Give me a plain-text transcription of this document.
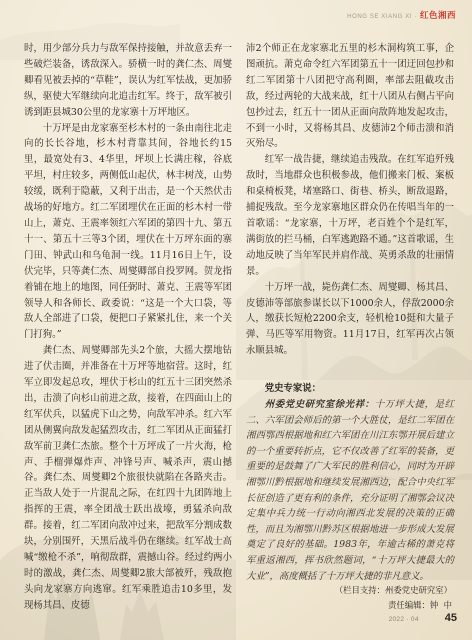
HONG SE XIANG XI · 红色湘西

时，用少部分兵力与敌军保持接触，并故意丢弃一些破烂装备，诱敌深入。骄横一时的龚仁杰、周燮卿看见被丢掉的“草鞋”，误认为红军怯战，更加骄纵，驱使大军继续向北追击红军。终于，敌军被引诱到距县城30公里的龙家寨十万坪地区。

十万坪是由龙家寨至杉木村的一条由南往北走向的长长谷地，杉木村背靠其间，谷地长约15里，最宽处有3、4华里，坪坝上长满庄稼，谷底平坦，村庄较多，两侧低山起伏，林丰树茂，山势较缓，既利于隐蔽，又利于出击，是一个天然伏击战场的好地方。红二军团埋伏在正面的杉木村一带山上，萧克、王震率领红六军团的第四十九、第五十一、第五十三等3个团，埋伏在十万坪东面的寨门田、钟武山和乌龟洞一线。11月16日上午，设伏完毕，只等龚仁杰、周燮卿部自投罗网。贺龙指着铺在地上的地图，同任弼时、萧克、王震等军团领导人和各师长、政委说：“这是一个大口袋，等敌人全部进了口袋，便把口子紧紧扎住，来一个关门打狗。”

龚仁杰、周燮卿部先头2个旅，大摇大摆地钻进了伏击圈，并准备在十万坪等地宿营。这时，红军立即发起总攻，埋伏于杉山的红五十三团突然杀出，击溃了向杉山前进之敌，接着，在四面山上的红军伏兵，以猛虎下山之势，向敌军冲杀。红六军团从侧翼向敌发起猛烈攻击，红二军团从正面猛打敌军前卫龚仁杰旅。整个十万坪成了一片火海，枪声、手榴弹爆炸声、冲锋号声、喊杀声，震山撼谷。龚仁杰、周燮卿2个旅很快就陷在各路夹击。正当敌人处于一片混乱之际，在红四十九团阵地上指挥的王震，率全团战士跃出战壕，勇猛杀向敌群。接着，红二军团向敌冲过来，把敌军分割成数块，分别围歼，天黑后战斗仍在继续。红军战士高喊“缴枪不杀”，响彻敌群，震撼山谷。经过约两小时的激战，龚仁杰、周燮卿2旅大部被歼，残敌抱头向龙家寨方向逃窜。红军乘胜追击10多里，发现杨其昌、皮德

沛2个师正在龙家寨北五里的杉木洞构筑工事，企图顽抗。萧克命令红六军团第五十一团迂回包抄和红二军团第十八团把守高利圈，率部去阻截攻击敌，经过两轮的大战来战，红十八团从右侧占平向包抄过去，红五十一团从正面向敌阵地发起攻击，不到一小时，又将杨其昌、皮德沛2个师击溃和消灭殆尽。

红军一战告捷，继续追击残敌。在红军追歼残敌时，当地群众也积极参战，他们搬来门板、案板和桌椅板凳，堵塞路口、街巷、桥头，断敌退路，捕捉残敌。至今龙家寨地区群众仍在传唱当年的一首歌谣：“龙家寨，十万坪，老百姓个个是红军，满街放的拦马桶，白军逃跑路不通。”这首歌谣，生动地反映了当年军民并肩作战、英勇杀敌的壮丽情景。

十万坪一战，毙伤龚仁杰、周燮卿、杨其昌、皮德沛等部旅参谋长以下1000余人，俘敌2000余人，缴获长短枪2200余支，轻机枪10挺和大量子弹、马匹等军用物资。11月17日，红军再次占领永顺县城。

党史专家说：

州委党史研究室徐光祥：十万坪大捷，是红二、六军团会师后的第一个大胜仗，是红二军团在湘西鄂西根据地和红六军团在川江东鄂开展后建立的一个重要转折点，它不仅改善了红军的装备，更重要的是鼓舞了广大军民的胜利信心，同时为开辟湘鄂川黔根据地和继续发展湘西边，配合中央红军长征创造了更有利的条件，充分证明了湘鄂会议决定集中兵力统一行动向湘西北发展的决策的正确性，而且为湘鄂川黔苏区根据地进一步形成大发展奠定了良好的基础。1983年，年逾古稀的萧克将军重返湘西，挥书欣然题词，“十万坪大捷最大的大业”，高度概括了十万坪大捷的非凡意义。

（栏目支持：州委党史研究室）
责任编辑：钟  中
2022 · 04 45
